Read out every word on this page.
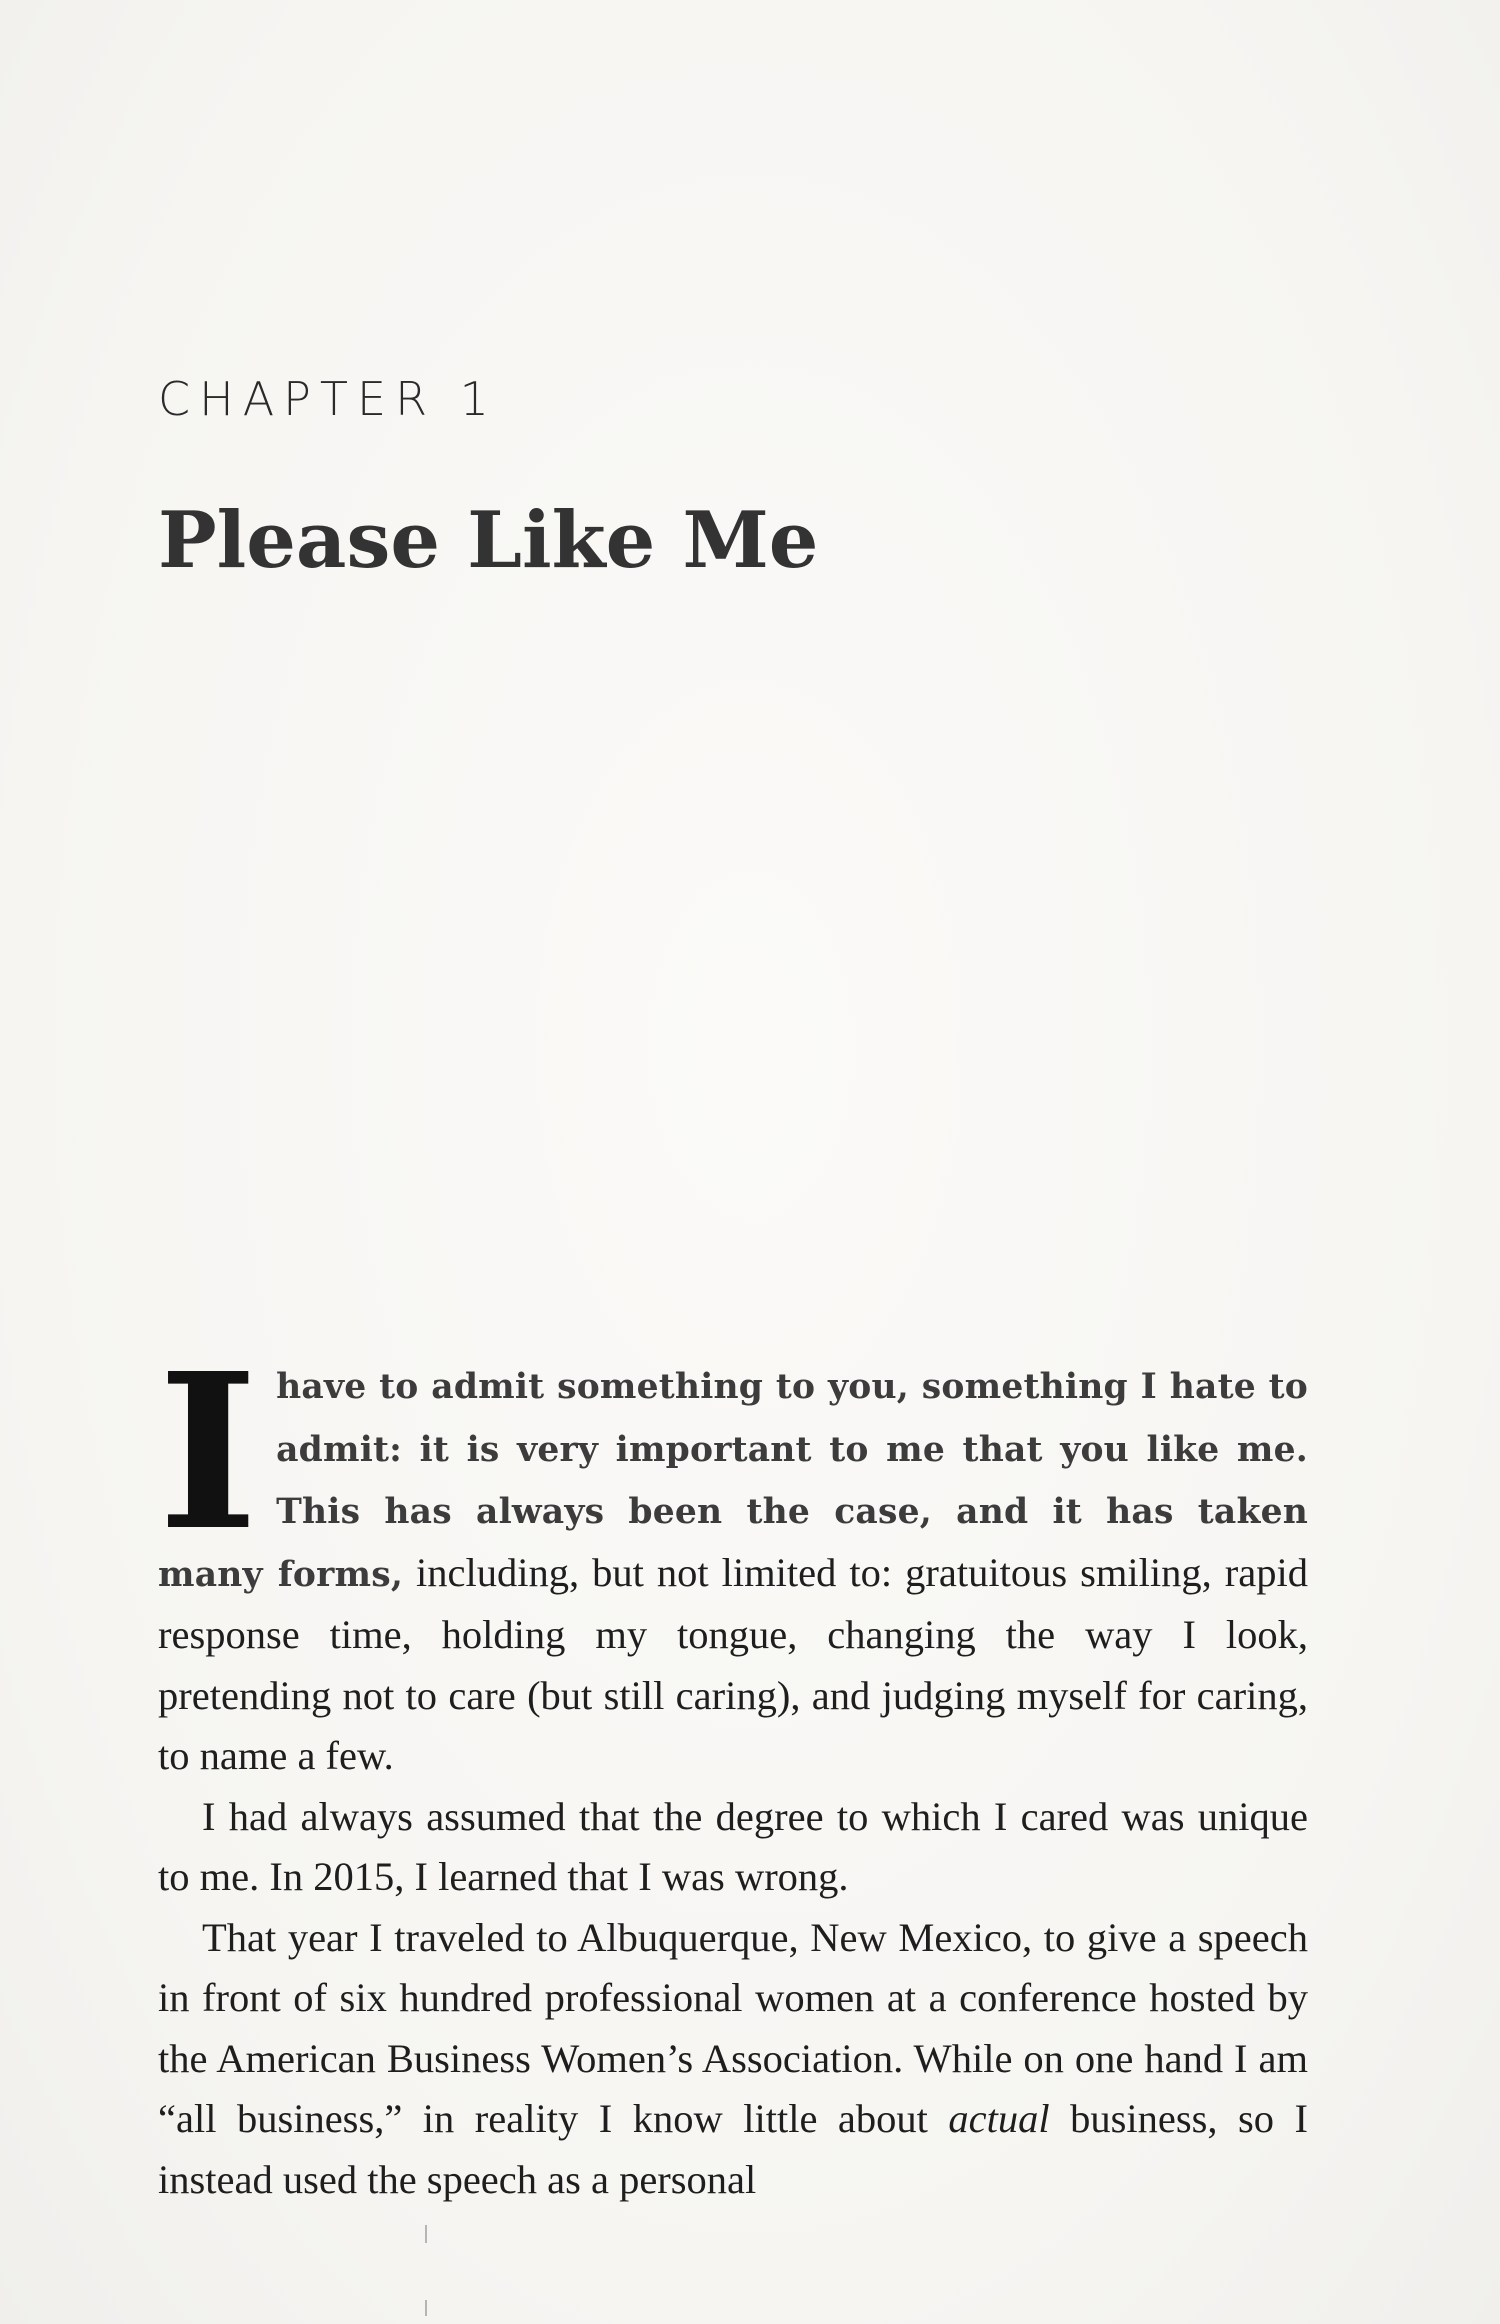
CHAPTER 1
Please Like Me

Ihave to admit something to you, something I hate to admit: it is very important to me that you like me. This has always been the case, and it has taken many forms, including, but not limited to: gratuitous smiling, rapid response time, holding my tongue, changing the way I look, pretending not to care (but still caring), and judging myself for caring, to name a few.

I had always assumed that the degree to which I cared was unique to me. In 2015, I learned that I was wrong.

That year I traveled to Albuquerque, New Mexico, to give a speech in front of six hundred professional women at a conference hosted by the American Business Women’s Association. While on one hand I am “all business,” in reality I know little about actual business, so I instead used the speech as a personal
